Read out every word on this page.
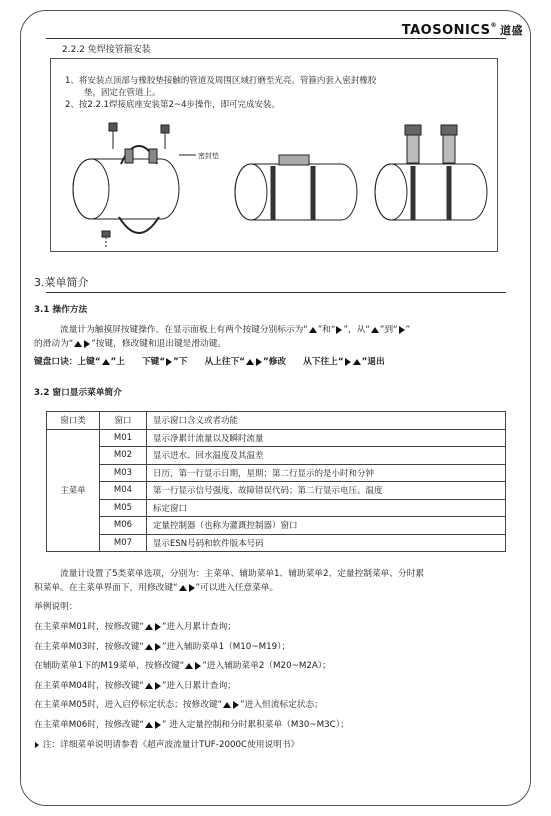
TAOSONICS® 道盛
2.2.2 免焊接管箍安装
1、将安装点顶部与橡胶垫接触的管道及周围区域打磨至光亮。管箍内套入密封橡胶
垫，固定在管道上。
2、按2.2.1焊接底座安装第2~4步操作，即可完成安装。
密封垫
3.菜单简介
3.1 操作方法
流量计为触摸屏按键操作，在显示面板上有两个按键分别标示为“ ”和“ ”，从“ ”到“ ”
的滑动为“ ”按键，修改键和退出键是滑动键。
键盘口诀：上键“ ”上 下键“ ”下 从上往下“ ”修改 从下往上“ ”退出
3.2 窗口显示菜单简介
窗口类	窗口	显示窗口含义或者功能
主菜单	M01	显示净累计流量以及瞬时流量
	M02	显示进水、回水温度及其温差
	M03	日历，第一行显示日期，星期；第二行显示的是小时和分钟
	M04	第一行显示信号强度、故障错误代码；第二行显示电压、温度
	M05	标定窗口
	M06	定量控制器（也称为灌溉控制器）窗口
	M07	显示ESN号码和软件版本号码
流量计设置了5类菜单选项，分别为：主菜单、辅助菜单1、辅助菜单2、定量控制菜单、分时累
积菜单。在主菜单界面下，用修改键“ ”可以进入任意菜单。
举例说明：
在主菜单M01时，按修改键“ ”进入月累计查询；
在主菜单M03时，按修改键“ ”进入辅助菜单1（M10~M19）；
在辅助菜单1下的M19菜单，按修改键“ ”进入辅助菜单2（M20~M2A）；
在主菜单M04时，按修改键“ ”进入日累计查询；
在主菜单M05时，进入启停标定状态；按修改键“ ”进入恒流标定状态；
在主菜单M06时，按修改键“ ” 进入定量控制和分时累积菜单（M30~M3C）；
注：详细菜单说明请参看《超声波流量计TUF-2000C使用说明书》
